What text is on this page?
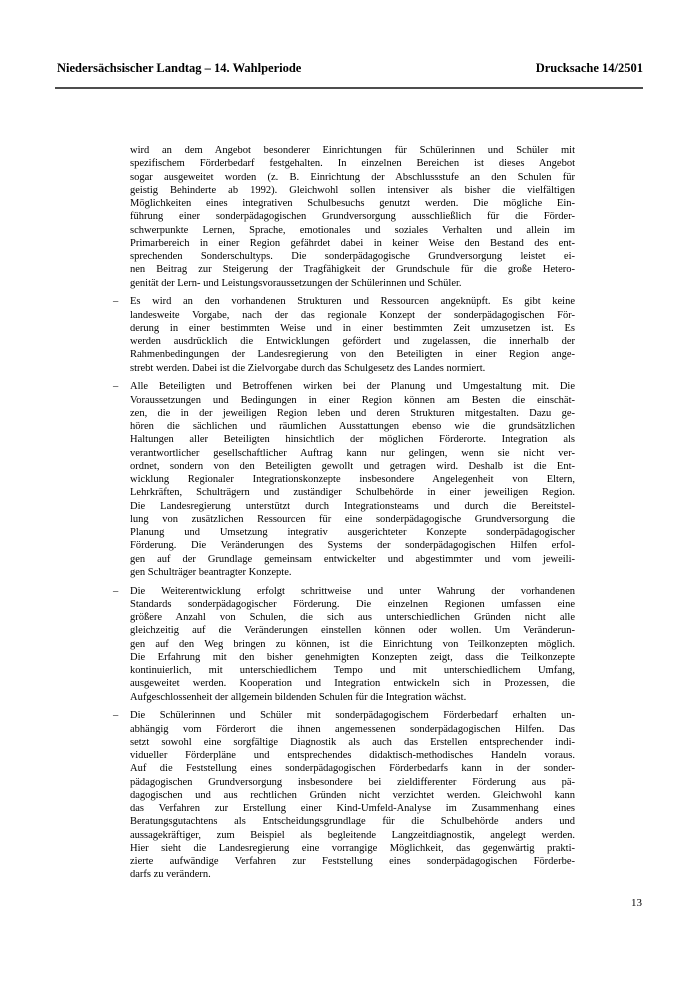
Niedersächsischer Landtag – 14. Wahlperiode	Drucksache 14/2501
wird an dem Angebot besonderer Einrichtungen für Schülerinnen und Schüler mit
spezifischem Förderbedarf festgehalten. In einzelnen Bereichen ist dieses Angebot
sogar ausgeweitet worden (z. B. Einrichtung der Abschlussstufe an den Schulen für
geistig Behinderte ab 1992). Gleichwohl sollen intensiver als bisher die vielfältigen
Möglichkeiten eines integrativen Schulbesuchs genutzt werden. Die mögliche Ein-
führung einer sonderpädagogischen Grundversorgung ausschließlich für die Förder-
schwerpunkte Lernen, Sprache, emotionales und soziales Verhalten und allein im
Primarbereich in einer Region gefährdet dabei in keiner Weise den Bestand des ent-
sprechenden Sonderschultyps. Die sonderpädagogische Grundversorgung leistet ei-
nen Beitrag zur Steigerung der Tragfähigkeit der Grundschule für die große Hetero-
genität der Lern- und Leistungsvoraussetzungen der Schülerinnen und Schüler.
– Es wird an den vorhandenen Strukturen und Ressourcen angeknüpft. Es gibt keine
landesweite Vorgabe, nach der das regionale Konzept der sonderpädagogischen För-
derung in einer bestimmten Weise und in einer bestimmten Zeit umzusetzen ist. Es
werden ausdrücklich die Entwicklungen gefördert und zugelassen, die innerhalb der
Rahmenbedingungen der Landesregierung von den Beteiligten in einer Region ange-
strebt werden. Dabei ist die Zielvorgabe durch das Schulgesetz des Landes normiert.
– Alle Beteiligten und Betroffenen wirken bei der Planung und Umgestaltung mit. Die
Voraussetzungen und Bedingungen in einer Region können am Besten die einschät-
zen, die in der jeweiligen Region leben und deren Strukturen mitgestalten. Dazu ge-
hören die sächlichen und räumlichen Ausstattungen ebenso wie die grundsätzlichen
Haltungen aller Beteiligten hinsichtlich der möglichen Förderorte. Integration als
verantwortlicher gesellschaftlicher Auftrag kann nur gelingen, wenn sie nicht ver-
ordnet, sondern von den Beteiligten gewollt und getragen wird. Deshalb ist die Ent-
wicklung Regionaler Integrationskonzepte insbesondere Angelegenheit von Eltern,
Lehrkräften, Schulträgern und zuständiger Schulbehörde in einer jeweiligen Region.
Die Landesregierung unterstützt durch Integrationsteams und durch die Bereitstel-
lung von zusätzlichen Ressourcen für eine sonderpädagogische Grundversorgung die
Planung und Umsetzung integrativ ausgerichteter Konzepte sonderpädagogischer
Förderung. Die Veränderungen des Systems der sonderpädagogischen Hilfen erfol-
gen auf der Grundlage gemeinsam entwickelter und abgestimmter und vom jeweili-
gen Schulträger beantragter Konzepte.
– Die Weiterentwicklung erfolgt schrittweise und unter Wahrung der vorhandenen
Standards sonderpädagogischer Förderung. Die einzelnen Regionen umfassen eine
größere Anzahl von Schulen, die sich aus unterschiedlichen Gründen nicht alle
gleichzeitig auf die Veränderungen einstellen können oder wollen. Um Veränderun-
gen auf den Weg bringen zu können, ist die Einrichtung von Teilkonzepten möglich.
Die Erfahrung mit den bisher genehmigten Konzepten zeigt, dass die Teilkonzepte
kontinuierlich, mit unterschiedlichem Tempo und mit unterschiedlichem Umfang,
ausgeweitet werden. Kooperation und Integration entwickeln sich in Prozessen, die
Aufgeschlossenheit der allgemein bildenden Schulen für die Integration wächst.
– Die Schülerinnen und Schüler mit sonderpädagogischem Förderbedarf erhalten un-
abhängig vom Förderort die ihnen angemessenen sonderpädagogischen Hilfen. Das
setzt sowohl eine sorgfältige Diagnostik als auch das Erstellen entsprechender indi-
vidueller Förderpläne und entsprechendes didaktisch-methodisches Handeln voraus.
Auf die Feststellung eines sonderpädagogischen Förderbedarfs kann in der sonder-
pädagogischen Grundversorgung insbesondere bei zieldifferenter Förderung aus pä-
dagogischen und aus rechtlichen Gründen nicht verzichtet werden. Gleichwohl kann
das Verfahren zur Erstellung einer Kind-Umfeld-Analyse im Zusammenhang eines
Beratungsgutachtens als Entscheidungsgrundlage für die Schulbehörde anders und
aussagekräftiger, zum Beispiel als begleitende Langzeitdiagnostik, angelegt werden.
Hier sieht die Landesregierung eine vorrangige Möglichkeit, das gegenwärtig prakti-
zierte aufwändige Verfahren zur Feststellung eines sonderpädagogischen Förderbe-
darfs zu verändern.
13
